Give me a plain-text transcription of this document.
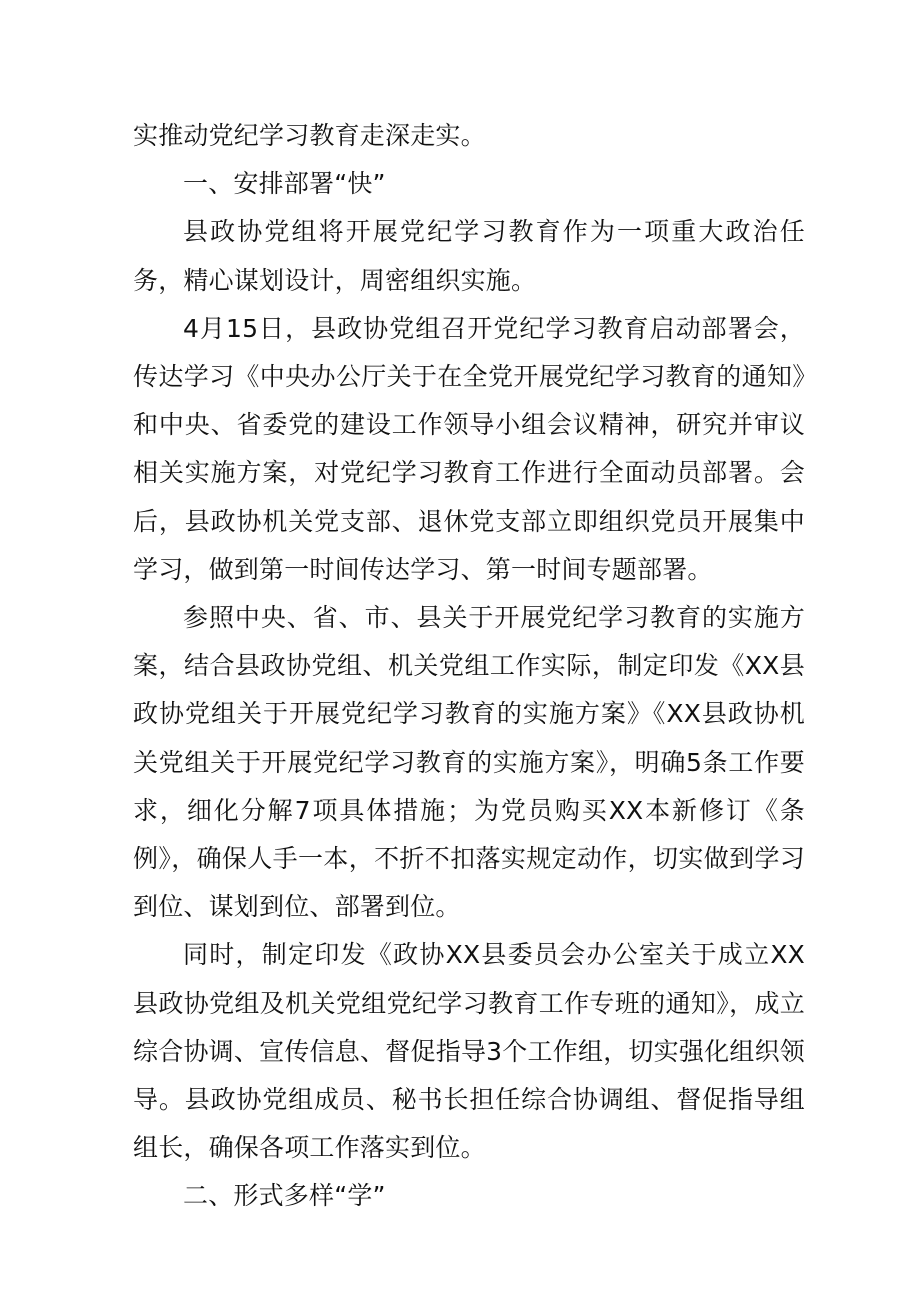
实推动党纪学习教育走深走实。

一、安排部署“快”

县政协党组将开展党纪学习教育作为一项重大政治任务，精心谋划设计，周密组织实施。

4月15日，县政协党组召开党纪学习教育启动部署会，传达学习《中央办公厅关于在全党开展党纪学习教育的通知》和中央、省委党的建设工作领导小组会议精神，研究并审议相关实施方案，对党纪学习教育工作进行全面动员部署。会后，县政协机关党支部、退休党支部立即组织党员开展集中学习，做到第一时间传达学习、第一时间专题部署。

参照中央、省、市、县关于开展党纪学习教育的实施方案，结合县政协党组、机关党组工作实际，制定印发《XX县政协党组关于开展党纪学习教育的实施方案》《XX县政协机关党组关于开展党纪学习教育的实施方案》，明确5条工作要求，细化分解7项具体措施；为党员购买XX本新修订《条例》，确保人手一本，不折不扣落实规定动作，切实做到学习到位、谋划到位、部署到位。

同时，制定印发《政协XX县委员会办公室关于成立XX县政协党组及机关党组党纪学习教育工作专班的通知》，成立综合协调、宣传信息、督促指导3个工作组，切实强化组织领导。县政协党组成员、秘书长担任综合协调组、督促指导组组长，确保各项工作落实到位。

二、形式多样“学”
